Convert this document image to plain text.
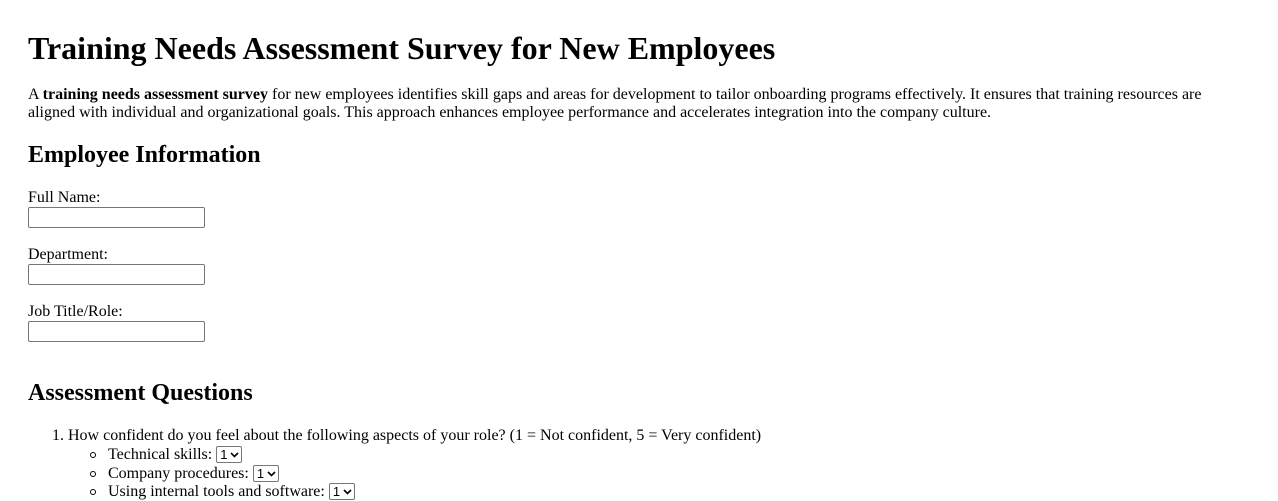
Training Needs Assessment Survey for New Employees

A training needs assessment survey for new employees identifies skill gaps and areas for development to tailor onboarding programs effectively. It ensures that training resources are aligned with individual and organizational goals. This approach enhances employee performance and accelerates integration into the company culture.

Employee Information
Full Name:
Department:
Job Title/Role:
Assessment Questions
1. How confident do you feel about the following aspects of your role? (1 = Not confident, 5 = Very confident)
Technical skills: 1
Company procedures: 1
Using internal tools and software: 1
